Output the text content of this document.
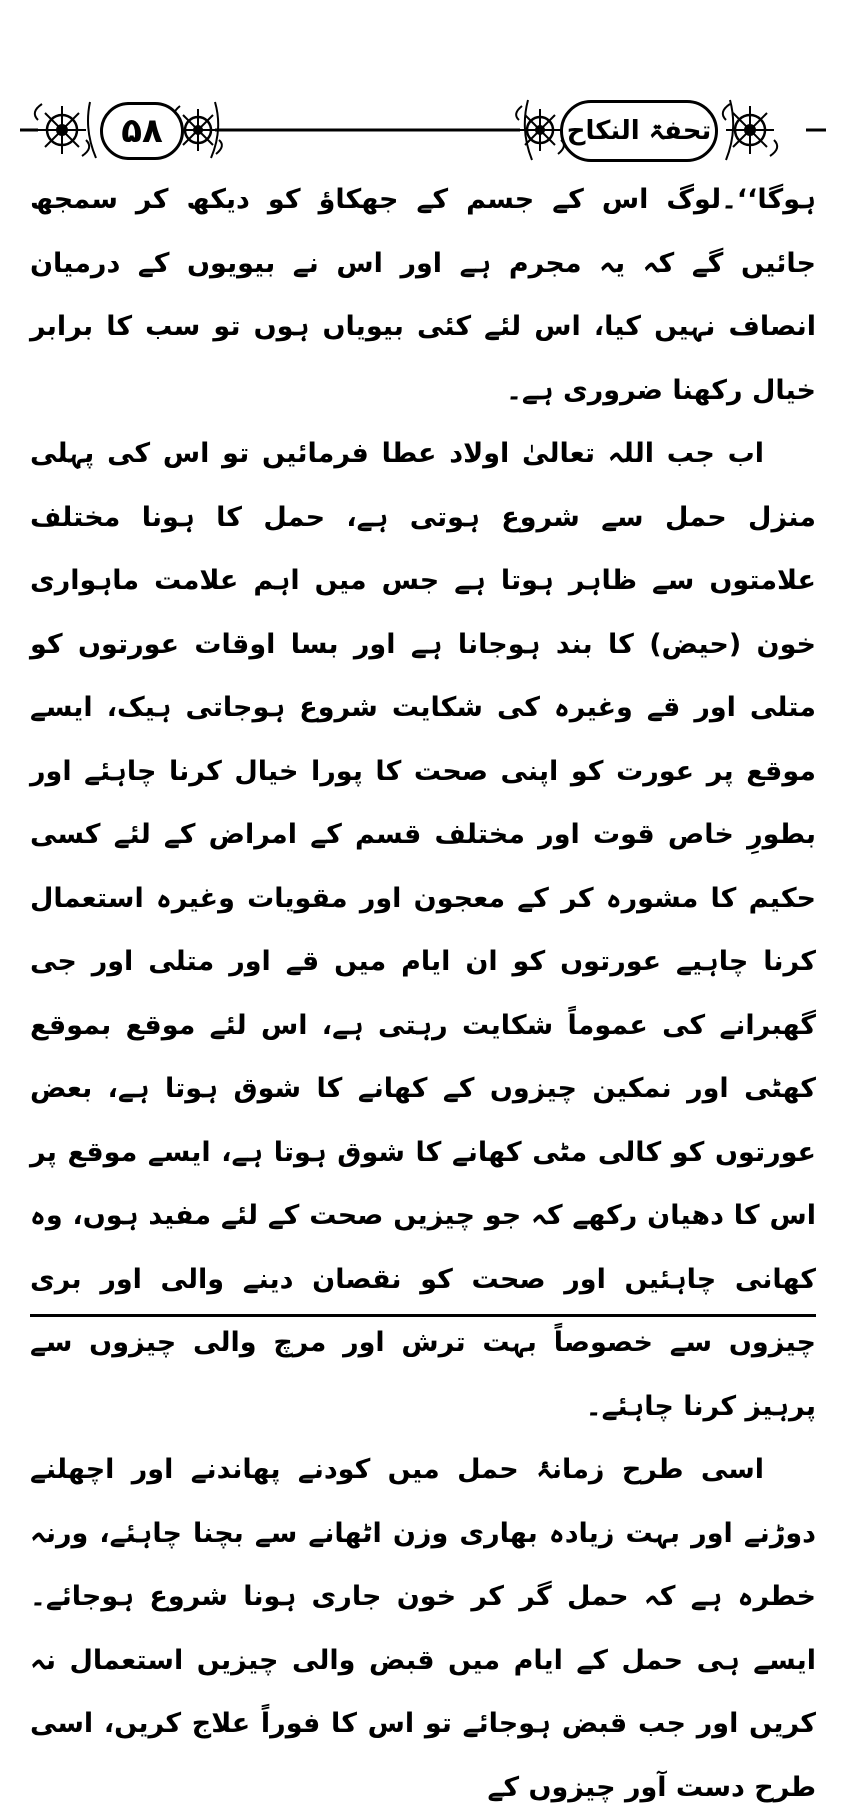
۵۸	تحفۃ النکاح

ہوگا‘‘۔لوگ اس کے جسم کے جھکاؤ کو دیکھ کر سمجھ جائیں گے کہ یہ مجرم ہے اور اس نے بیویوں کے درمیان انصاف نہیں کیا، اس لئے کئی بیویاں ہوں تو سب کا برابر خیال رکھنا ضروری ہے۔

اب جب اللہ تعالیٰ اولاد عطا فرمائیں تو اس کی پہلی منزل حمل سے شروع ہوتی ہے، حمل کا ہونا مختلف علامتوں سے ظاہر ہوتا ہے جس میں اہم علامت ماہواری خون (حیض) کا بند ہوجانا ہے اور بسا اوقات عورتوں کو متلی اور قے وغیرہ کی شکایت شروع ہوجاتی ہیک، ایسے موقع پر عورت کو اپنی صحت کا پورا خیال کرنا چاہئے اور بطورِ خاص قوت اور مختلف قسم کے امراض کے لئے کسی حکیم کا مشورہ کر کے معجون اور مقویات وغیرہ استعمال کرنا چاہیے عورتوں کو ان ایام میں قے اور متلی اور جی گھبرانے کی عموماً شکایت رہتی ہے، اس لئے موقع بموقع کھٹی اور نمکین چیزوں کے کھانے کا شوق ہوتا ہے، بعض عورتوں کو کالی مٹی کھانے کا شوق ہوتا ہے، ایسے موقع پر اس کا دھیان رکھے کہ جو چیزیں صحت کے لئے مفید ہوں، وہ کھانی چاہئیں اور صحت کو نقصان دینے والی اور بری چیزوں سے خصوصاً بہت ترش اور مرچ والی چیزوں سے پرہیز کرنا چاہئے۔

اسی طرح زمانۂ حمل میں کودنے پھاندنے اور اچھلنے دوڑنے اور بہت زیادہ بھاری وزن اٹھانے سے بچنا چاہئے، ورنہ خطرہ ہے کہ حمل گر کر خون جاری ہونا شروع ہوجائے۔ ایسے ہی حمل کے ایام میں قبض والی چیزیں استعمال نہ کریں اور جب قبض ہوجائے تو اس کا فوراً علاج کریں، اسی طرح دست آور چیزوں کے
